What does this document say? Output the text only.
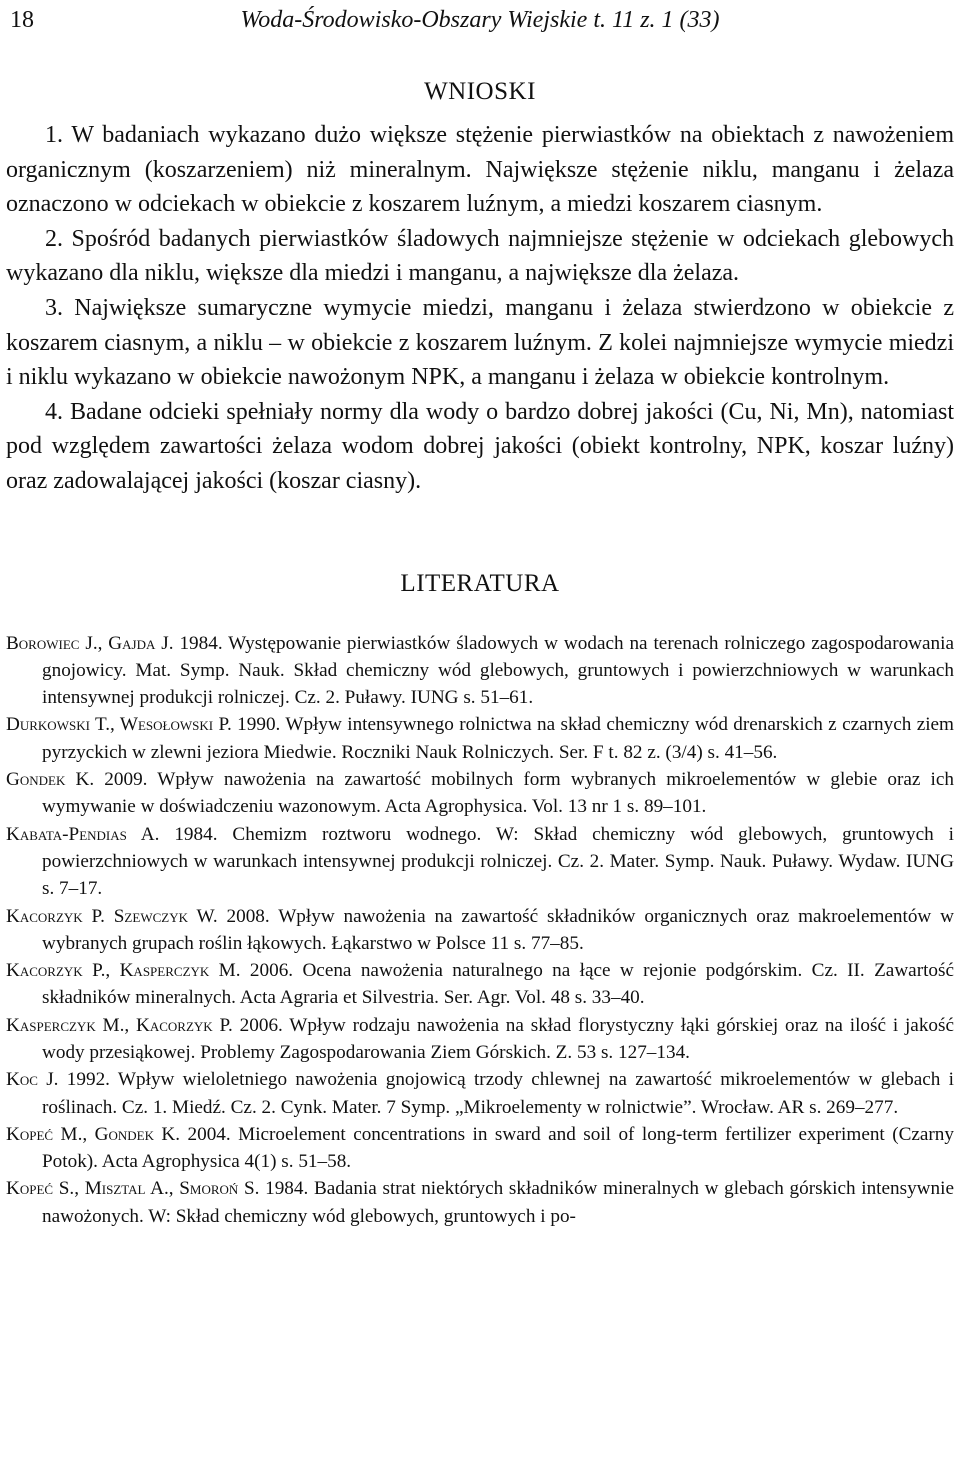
18	Woda-Środowisko-Obszary Wiejskie t. 11 z. 1 (33)
WNIOSKI

1. W badaniach wykazano dużo większe stężenie pierwiastków na obiektach z nawożeniem organicznym (koszarzeniem) niż mineralnym. Największe stężenie niklu, manganu i żelaza oznaczono w odciekach w obiekcie z koszarem luźnym, a miedzi koszarem ciasnym.

2. Spośród badanych pierwiastków śladowych najmniejsze stężenie w odciekach glebowych wykazano dla niklu, większe dla miedzi i manganu, a największe dla żelaza.

3. Największe sumaryczne wymycie miedzi, manganu i żelaza stwierdzono w obiekcie z koszarem ciasnym, a niklu – w obiekcie z koszarem luźnym. Z kolei najmniejsze wymycie miedzi i niklu wykazano w obiekcie nawożonym NPK, a manganu i żelaza w obiekcie kontrolnym.

4. Badane odcieki spełniały normy dla wody o bardzo dobrej jakości (Cu, Ni, Mn), natomiast pod względem zawartości żelaza wodom dobrej jakości (obiekt kontrolny, NPK, koszar luźny) oraz zadowalającej jakości (koszar ciasny).

LITERATURA
Borowiec J., Gajda J. 1984. Występowanie pierwiastków śladowych w wodach na terenach rolniczego zagospodarowania gnojowicy. Mat. Symp. Nauk. Skład chemiczny wód glebowych, gruntowych i powierzchniowych w warunkach intensywnej produkcji rolniczej. Cz. 2. Puławy. IUNG s. 51–61.
Durkowski T., Wesołowski P. 1990. Wpływ intensywnego rolnictwa na skład chemiczny wód drenarskich z czarnych ziem pyrzyckich w zlewni jeziora Miedwie. Roczniki Nauk Rolniczych. Ser. F t. 82 z. (3/4) s. 41–56.
Gondek K. 2009. Wpływ nawożenia na zawartość mobilnych form wybranych mikroelementów w glebie oraz ich wymywanie w doświadczeniu wazonowym. Acta Agrophysica. Vol. 13 nr 1 s. 89–101.
Kabata-Pendias A. 1984. Chemizm roztworu wodnego. W: Skład chemiczny wód glebowych, gruntowych i powierzchniowych w warunkach intensywnej produkcji rolniczej. Cz. 2. Mater. Symp. Nauk. Puławy. Wydaw. IUNG s. 7–17.
Kacorzyk P. Szewczyk W. 2008. Wpływ nawożenia na zawartość składników organicznych oraz makroelementów w wybranych grupach roślin łąkowych. Łąkarstwo w Polsce 11 s. 77–85.
Kacorzyk P., Kasperczyk M. 2006. Ocena nawożenia naturalnego na łące w rejonie podgórskim. Cz. II. Zawartość składników mineralnych. Acta Agraria et Silvestria. Ser. Agr. Vol. 48 s. 33–40.
Kasperczyk M., Kacorzyk P. 2006. Wpływ rodzaju nawożenia na skład florystyczny łąki górskiej oraz na ilość i jakość wody przesiąkowej. Problemy Zagospodarowania Ziem Górskich. Z. 53 s. 127–134.
Koc J. 1992. Wpływ wieloletniego nawożenia gnojowicą trzody chlewnej na zawartość mikroelementów w glebach i roślinach. Cz. 1. Miedź. Cz. 2. Cynk. Mater. 7 Symp. „Mikroelementy w rolnictwie”. Wrocław. AR s. 269–277.
Kopeć M., Gondek K. 2004. Microelement concentrations in sward and soil of long-term fertilizer experiment (Czarny Potok). Acta Agrophysica 4(1) s. 51–58.
Kopeć S., Misztal A., Smoroń S. 1984. Badania strat niektórych składników mineralnych w glebach górskich intensywnie nawożonych. W: Skład chemiczny wód glebowych, gruntowych i po-
